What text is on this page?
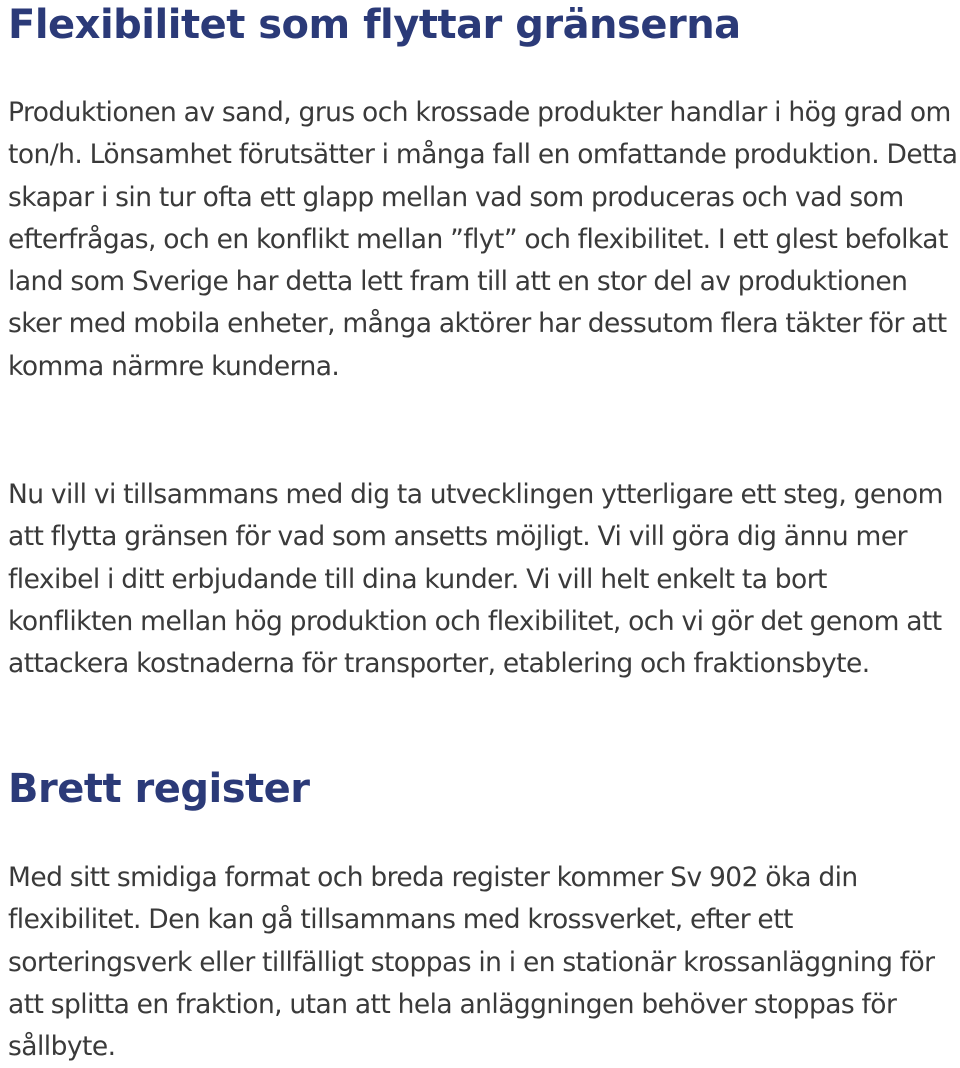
Flexibilitet som flyttar gränserna

Produktionen av sand, grus och krossade produkter handlar i hög grad om ton/h. Lönsamhet förutsätter i många fall en omfattande produktion. Detta skapar i sin tur ofta ett glapp mellan vad som produceras och vad som efterfrågas, och en konflikt mellan ”flyt” och flexibilitet. I ett glest befolkat land som Sverige har detta lett fram till att en stor del av produktionen sker med mobila enheter, många aktörer har dessutom flera täkter för att komma närmre kunderna.

Nu vill vi tillsammans med dig ta utvecklingen ytterligare ett steg, genom att flytta gränsen för vad som ansetts möjligt. Vi vill göra dig ännu mer flexibel i ditt erbjudande till dina kunder. Vi vill helt enkelt ta bort konflikten mellan hög produktion och flexibilitet, och vi gör det genom att attackera kostnaderna för transporter, etablering och fraktionsbyte.

Brett register

Med sitt smidiga format och breda register kommer Sv 902 öka din flexibilitet. Den kan gå tillsammans med krossverket, efter ett sorteringsverk eller tillfälligt stoppas in i en stationär krossanläggning för att splitta en fraktion, utan att hela anläggningen behöver stoppas för sållbyte.
